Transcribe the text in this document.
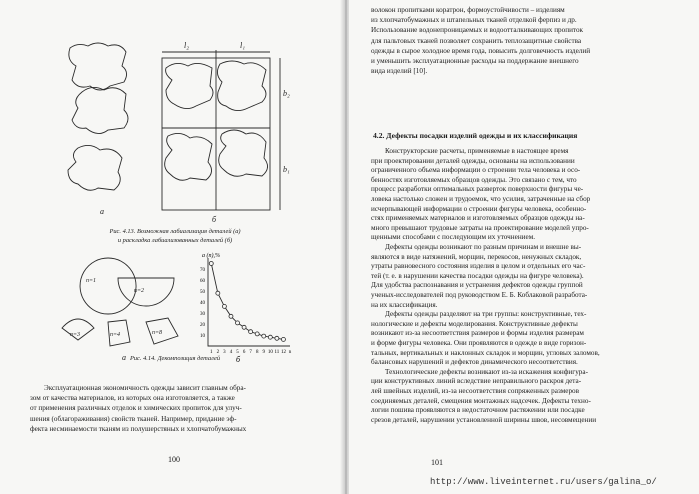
а
б
l₂	l₁
b₂
b₁
Рис. 4.13. Возможная лабиализация деталей (а)
и раскладка лабиализованных деталей (б)
n=1
n=2
n=3	n=4	n=8
а
a (n),%
70
60
50
40
30
20
10
1 2 3 4 5 6 7 8 9 10 11 12 n
б
Рис. 4.14. Декомпозиция деталей
Эксплуатационная экономичность одежды зависит главным обра-
зом от качества материалов, из которых она изготовляется, а также
от применения различных отделок и химических пропиток для улуч-
шения (облагораживания) свойств тканей. Например, придание эф-
фекта несминаемости тканям из полушерстяных и хлопчатобумажных
100
волокон пропитками коратрон, формоустойчивости – изделиям
из хлопчатобумажных и штапельных тканей отделкой ферпиз и др.
Использование водонепроницаемых и водоотталкивающих пропиток
для пальтовых тканей позволяет сохранить теплозащитные свойства
одежды в сырое холодное время года, повысить долговечность изделий
и уменьшить эксплуатационные расходы на поддержание внешнего
вида изделий [10].
4.2. Дефекты посадки изделий одежды и их классификация
Конструкторские расчеты, применяемые в настоящее время
при проектировании деталей одежды, основаны на использовании
ограниченного объема информации о строении тела человека и осо-
бенностях изготовляемых образцов одежды. Это связано с тем, что
процесс разработки оптимальных разверток поверхности фигуры че-
ловека настолько сложен и трудоемок, что усилия, затраченные на сбор
исчерпывающей информации о строении фигуры человека, особенно-
стях применяемых материалов и изготовляемых образцов одежды на-
много превышают трудовые затраты на проектирование моделей упро-
щенными способами с последующим их уточнением.
Дефекты одежды возникают по разным причинам и внешне вы-
являются в виде натяжений, морщин, перекосов, ненужных складок,
утраты равновесного состояния изделия в целом и отдельных его час-
тей (т. е. в нарушении качества посадки одежды на фигуре человека).
Для удобства распознавания и устранения дефектов одежды группой
ученых-исследователей под руководством Е. Б. Коблаковой разработа-
на их классификация.
Дефекты одежды разделяют на три группы: конструктивные, тех-
нологические и дефекты моделирования. Конструктивные дефекты
возникают из-за несоответствия размеров и формы изделия размерам
и форме фигуры человека. Они проявляются в одежде в виде горизон-
тальных, вертикальных и наклонных складок и морщин, угловых заломов,
балансовых нарушений и дефектов динамического несоответствия.
Технологические дефекты возникают из-за искажения конфигура-
ции конструктивных линий вследствие неправильного раскроя дета-
лей швейных изделий, из-за несоответствия сопряженных размеров
соединяемых деталей, смещения монтажных надсечек. Дефекты техно-
логии пошива проявляются в недостаточном растяжении или посадке
срезов деталей, нарушении установленной ширины швов, несовмещении
101
http://www.liveinternet.ru/users/galina_o/
